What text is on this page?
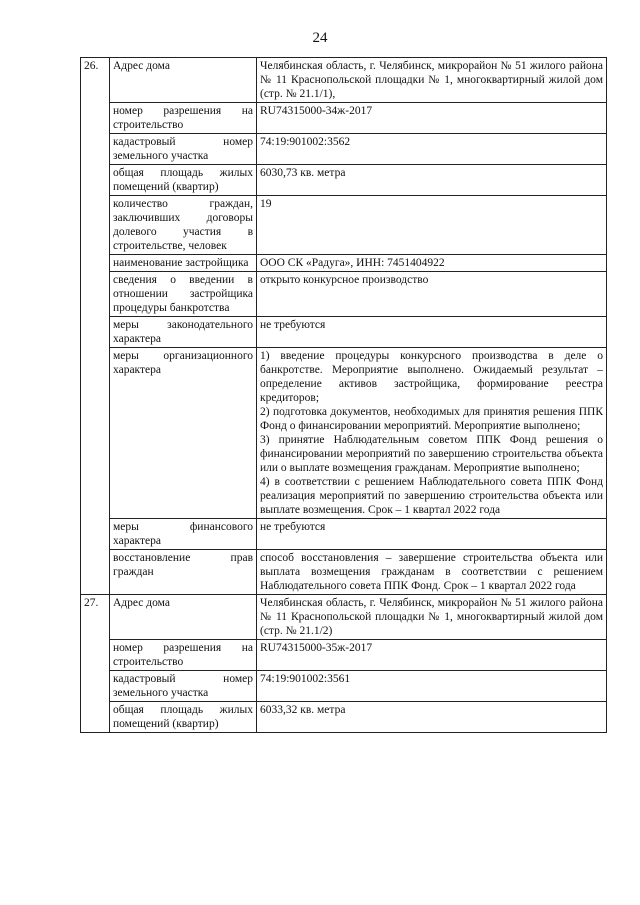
24
26.	Адрес дома	Челябинская область, г. Челябинск, микрорайон № 51 жилого района № 11 Краснопольской площадки № 1, многоквартирный жилой дом (стр. № 21.1/1),
	номер разрешения на строительство	RU74315000-34ж-2017
	кадастровый номер земельного участка	74:19:901002:3562
	общая площадь жилых помещений (квартир)	6030,73 кв. метра
	количество граждан, заключивших договоры долевого участия в строительстве, человек	19
	наименование застройщика	ООО СК «Радуга», ИНН: 7451404922
	сведения о введении в отношении застройщика процедуры банкротства	открыто конкурсное производство
	меры законодательного характера	не требуются
	меры организационного характера	1) введение процедуры конкурсного производства в деле о банкротстве. Мероприятие выполнено. Ожидаемый результат – определение активов застройщика, формирование реестра кредиторов;
2) подготовка документов, необходимых для принятия решения ППК Фонд о финансировании мероприятий. Мероприятие выполнено;
3) принятие Наблюдательным советом ППК Фонд решения о финансировании мероприятий по завершению строительства объекта или о выплате возмещения гражданам. Мероприятие выполнено;
4) в соответствии с решением Наблюдательного совета ППК Фонд реализация мероприятий по завершению строительства объекта или выплате возмещения. Срок – 1 квартал 2022 года

	меры финансового характера	не требуются
	восстановление прав граждан	способ восстановления – завершение строительства объекта или выплата возмещения гражданам в соответствии с решением Наблюдательного совета ППК Фонд. Срок – 1 квартал 2022 года
27.	Адрес дома	Челябинская область, г. Челябинск, микрорайон № 51 жилого района № 11 Краснопольской площадки № 1, многоквартирный жилой дом (стр. № 21.1/2)
	номер разрешения на строительство	RU74315000-35ж-2017
	кадастровый номер земельного участка	74:19:901002:3561
	общая площадь жилых помещений (квартир)	6033,32 кв. метра
